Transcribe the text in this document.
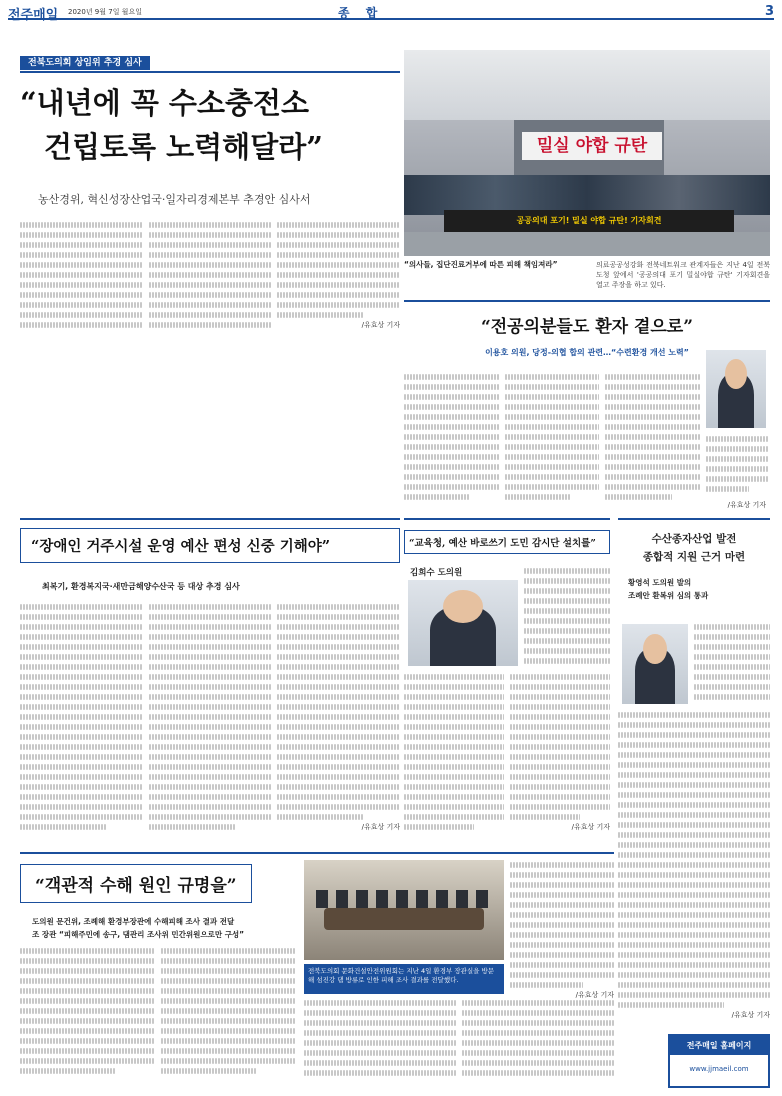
전주매일 2020년 9월 7일 월요일	종 합	3
전북도의회 상임위 추경 심사
“내년에 꼭 수소충전소
건립토록 노력해달라”
농산경위, 혁신성장산업국·일자리경제본부 추경안 심사서
/유효상 기자
밀실 야합 규탄
공공의대 포기! 밀실 야합 규탄! 기자회견
“의사들, 집단진료거부에 따른 피해 책임져라”	의료공공성강화 전북네트워크 관계자들은 지난 4일 전북도청 앞에서 '공공의대 포기 밀실야합 규탄' 기자회견을 열고 주장을 하고 있다.
“전공의분들도 환자 곁으로”
이용호 의원, 당정-의협 합의 관련…“수련환경 개선 노력”
/유효상 기자
“장애인 거주시설 운영 예산 편성 신중 기해야”
최복기, 환경복지국·새만금해양수산국 등 대상 추경 심사
/유효상 기자
“교육청, 예산 바로쓰기 도민 감시단 설치를”
김희수 도의원
/유효상 기자
수산종자산업 발전
종합적 지원 근거 마련
황영석 도의원 발의
조례안 환복위 심의 통과
/유효상 기자
“객관적 수해 원인 규명을”
도의원 문건위, 조례해 환경부장관에 수해피해 조사 결과 전달
조 장관 “피해주민에 송구, 댐관리 조사위 민간위원으로만 구성”
전북도의회 문화건설안전위원회는 지난 4일 환경부 장관실을 방문해 섬진강 댐 방류로 인한 피해 조사 결과를 전달했다.
/유효상 기자
전주매일 홈페이지
www.jjmaeil.com
